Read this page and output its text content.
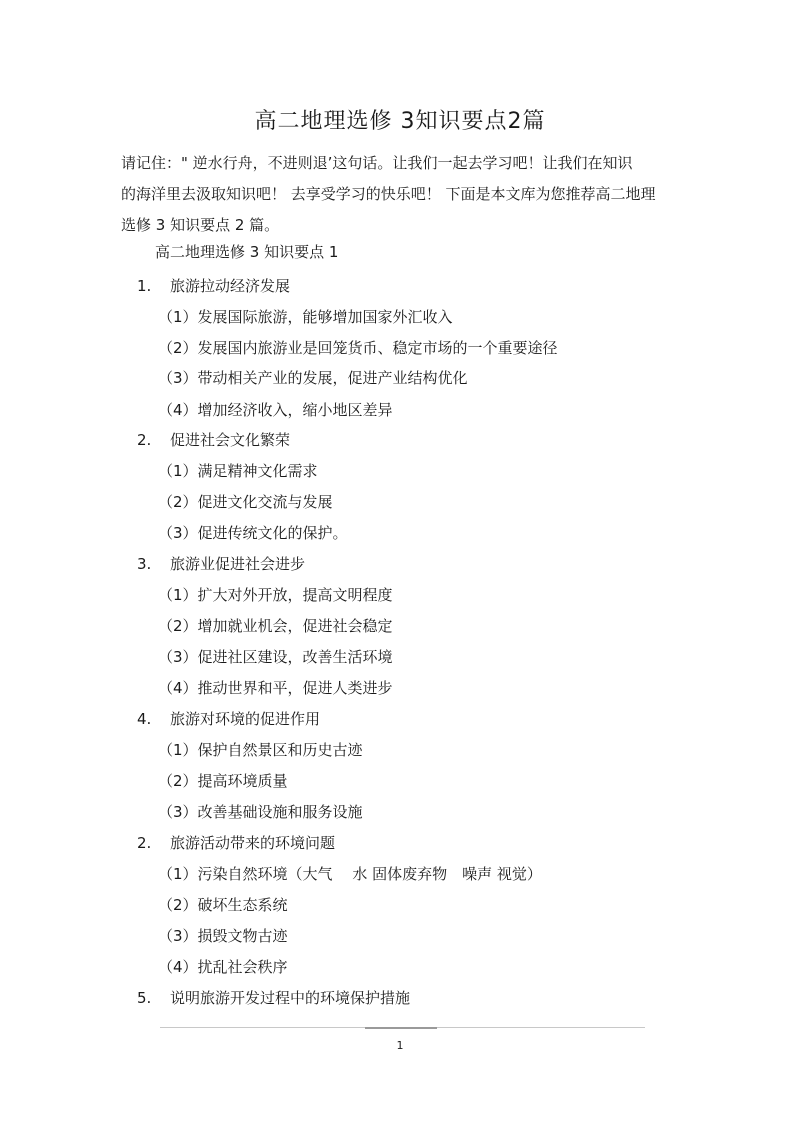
高二地理选修 3知识要点2篇
请记住：" 逆水行舟，不进则退’这句话。让我们一起去学习吧！让我们在知识
的海洋里去汲取知识吧！ 去享受学习的快乐吧！ 下面是本文库为您推荐高二地理
选修 3 知识要点 2 篇。
高二地理选修 3 知识要点 1
1. 旅游拉动经济发展
（1）发展国际旅游，能够增加国家外汇收入
（2）发展国内旅游业是回笼货币、稳定市场的一个重要途径
（3）带动相关产业的发展，促进产业结构优化
（4）增加经济收入，缩小地区差异
2. 促进社会文化繁荣
（1）满足精神文化需求
（2）促进文化交流与发展
（3）促进传统文化的保护。
3. 旅游业促进社会进步
（1）扩大对外开放，提高文明程度
（2）增加就业机会，促进社会稳定
（3）促进社区建设，改善生活环境
（4）推动世界和平，促进人类进步
4. 旅游对环境的促进作用
（1）保护自然景区和历史古迹
（2）提高环境质量
（3）改善基础设施和服务设施
2. 旅游活动带来的环境问题
（1）污染自然环境（大气　 水 固体废弃物　噪声 视觉）
（2）破坏生态系统
（3）损毁文物古迹
（4）扰乱社会秩序
5. 说明旅游开发过程中的环境保护措施
1
